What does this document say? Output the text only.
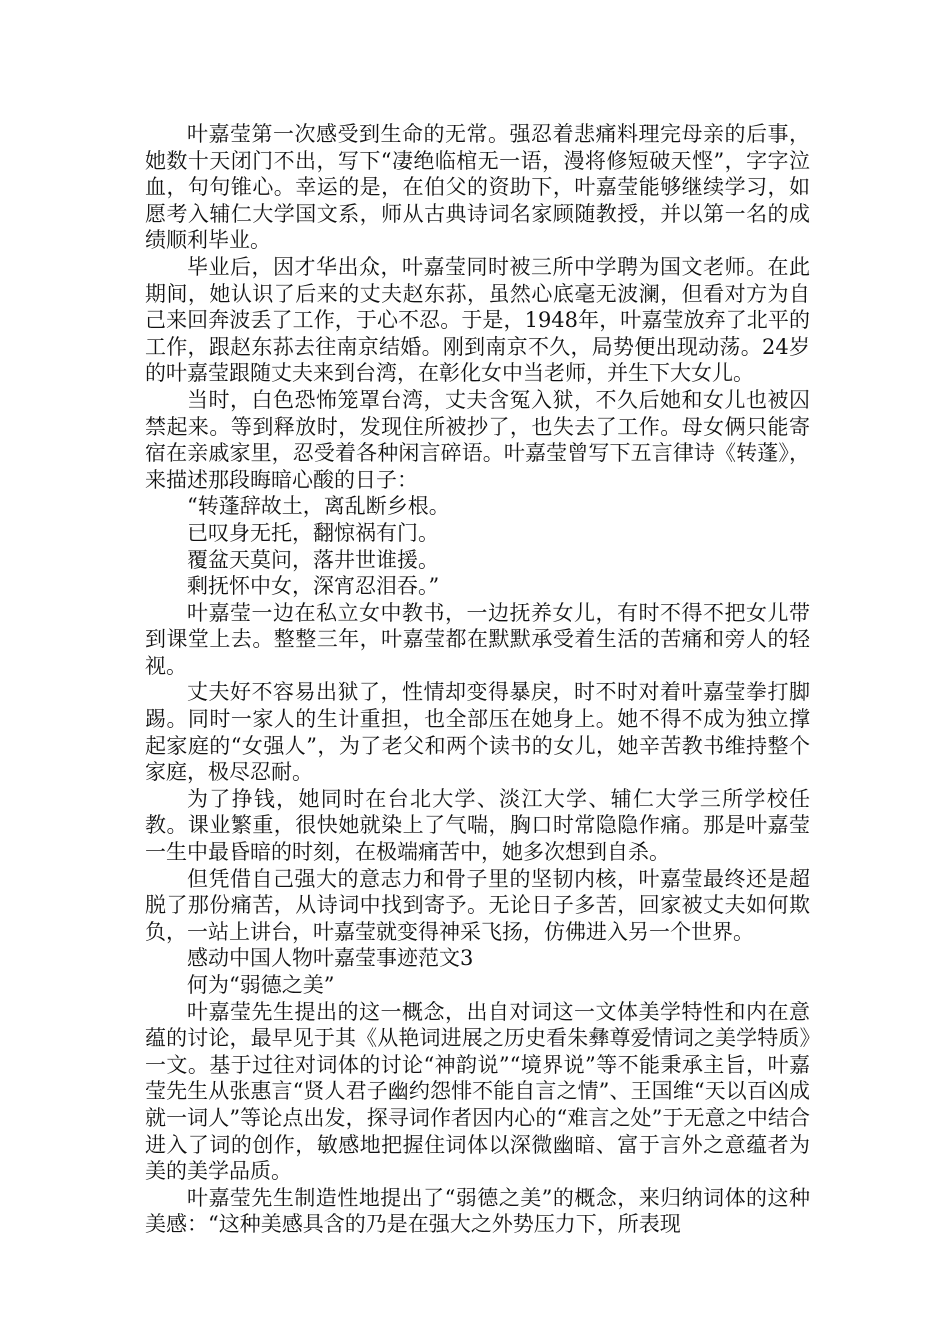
叶嘉莹第一次感受到生命的无常。强忍着悲痛料理完母亲的后事，她数十天闭门不出，写下“凄绝临棺无一语，漫将修短破天悭”，字字泣血，句句锥心。幸运的是，在伯父的资助下，叶嘉莹能够继续学习，如愿考入辅仁大学国文系，师从古典诗词名家顾随教授，并以第一名的成绩顺利毕业。

毕业后，因才华出众，叶嘉莹同时被三所中学聘为国文老师。在此期间，她认识了后来的丈夫赵东荪，虽然心底毫无波澜，但看对方为自己来回奔波丢了工作，于心不忍。于是，1948年，叶嘉莹放弃了北平的工作，跟赵东荪去往南京结婚。刚到南京不久，局势便出现动荡。24岁的叶嘉莹跟随丈夫来到台湾，在彰化女中当老师，并生下大女儿。

当时，白色恐怖笼罩台湾，丈夫含冤入狱，不久后她和女儿也被囚禁起来。等到释放时，发现住所被抄了，也失去了工作。母女俩只能寄宿在亲戚家里，忍受着各种闲言碎语。叶嘉莹曾写下五言律诗《转蓬》，来描述那段晦暗心酸的日子：

“转蓬辞故土，离乱断乡根。

已叹身无托，翻惊祸有门。

覆盆天莫问，落井世谁援。

剩抚怀中女，深宵忍泪吞。”

叶嘉莹一边在私立女中教书，一边抚养女儿，有时不得不把女儿带到课堂上去。整整三年，叶嘉莹都在默默承受着生活的苦痛和旁人的轻视。

丈夫好不容易出狱了，性情却变得暴戾，时不时对着叶嘉莹拳打脚踢。同时一家人的生计重担，也全部压在她身上。她不得不成为独立撑起家庭的“女强人”，为了老父和两个读书的女儿，她辛苦教书维持整个家庭，极尽忍耐。

为了挣钱，她同时在台北大学、淡江大学、辅仁大学三所学校任教。课业繁重，很快她就染上了气喘，胸口时常隐隐作痛。那是叶嘉莹一生中最昏暗的时刻，在极端痛苦中，她多次想到自杀。

但凭借自己强大的意志力和骨子里的坚韧内核，叶嘉莹最终还是超脱了那份痛苦，从诗词中找到寄予。无论日子多苦，回家被丈夫如何欺负，一站上讲台，叶嘉莹就变得神采飞扬，仿佛进入另一个世界。

感动中国人物叶嘉莹事迹范文3

何为“弱德之美”

叶嘉莹先生提出的这一概念，出自对词这一文体美学特性和内在意蕴的讨论，最早见于其《从艳词进展之历史看朱彝尊爱情词之美学特质》一文。基于过往对词体的讨论“神韵说”“境界说”等不能秉承主旨，叶嘉莹先生从张惠言“贤人君子幽约怨悱不能自言之情”、王国维“天以百凶成就一词人”等论点出发，探寻词作者因内心的“难言之处”于无意之中结合进入了词的创作，敏感地把握住词体以深微幽暗、富于言外之意蕴者为美的美学品质。

叶嘉莹先生制造性地提出了“弱德之美”的概念，来归纳词体的这种美感：“这种美感具含的乃是在强大之外势压力下，所表现
